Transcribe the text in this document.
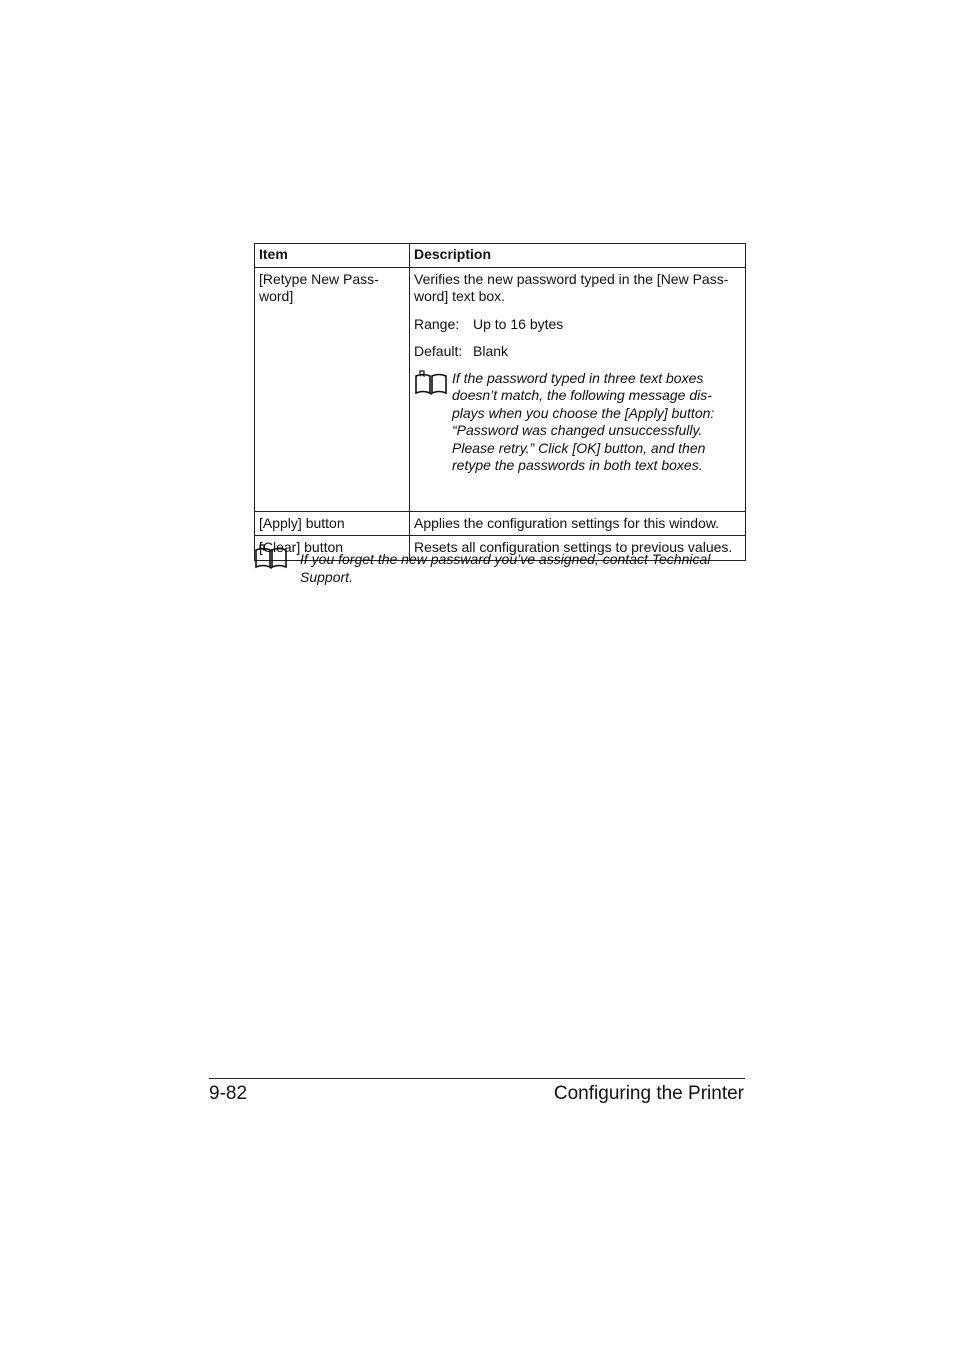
Item	Description
[Retype New Pass-word]	Verifies the new password typed in the [New Pass-word] text box.

Range: Up to 16 bytes

Default: Blank

If the password typed in three text boxes doesn’t match, the following message dis-plays when you choose the [Apply] button: “Password was changed unsuccessfully. Please retry.” Click [OK] button, and then retype the passwords in both text boxes.

[Apply] button	Applies the configuration settings for this window.
[Clear] button	Resets all configuration settings to previous values.
If you forget the new passward you’ve assigned, contact Technical Support.
9-82	Configuring the Printer
